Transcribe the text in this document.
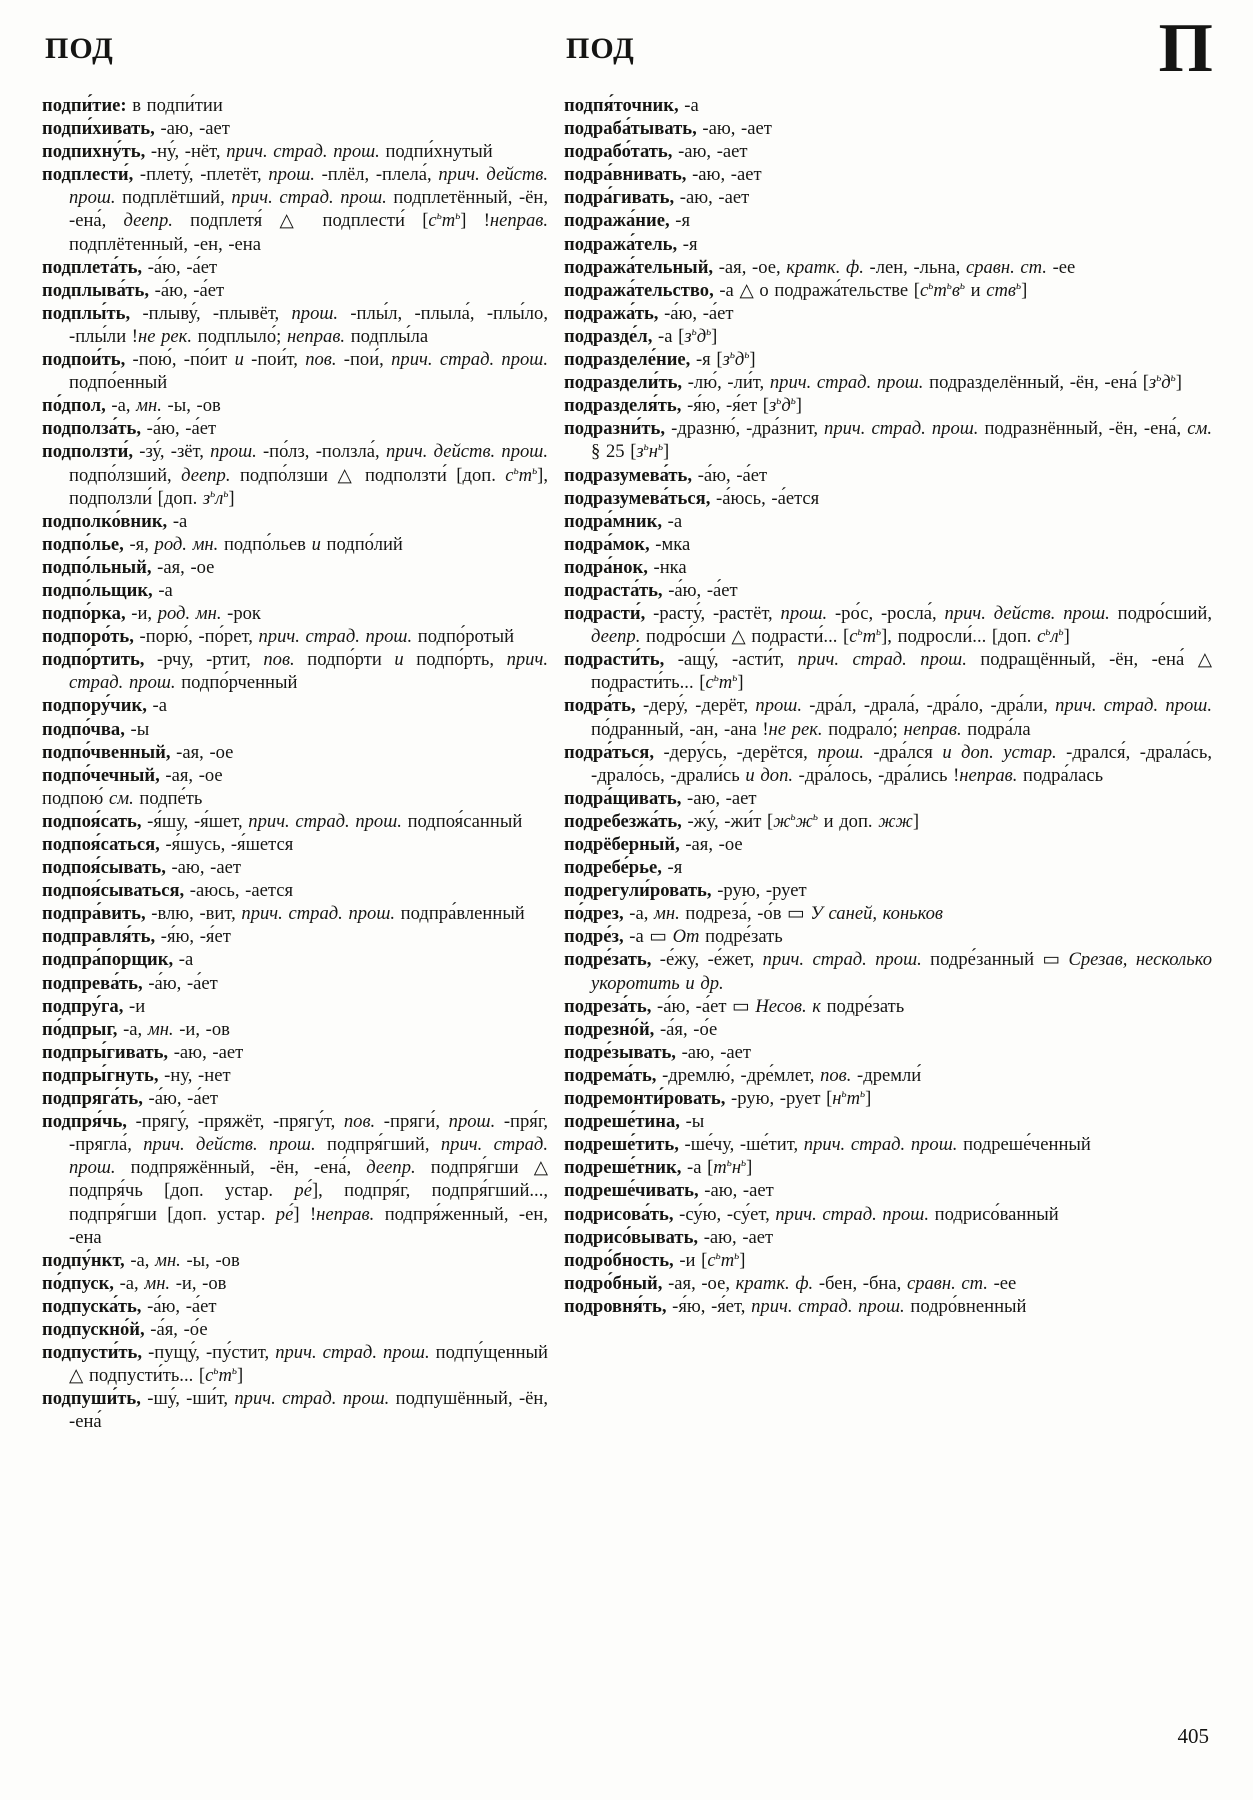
ПОД	ПОД	П

подпи́тие: в подпи́тии

подпи́хивать, -аю, -ает

подпихну́ть, -ну́, -нёт, прич. страд. прош. подпи́хнутый

подплести́, -плету́, -плетёт, прош. -плёл, -плела́, прич. действ. прош. подплётший, прич. страд. прош. подплетённый, -ён, -ена́, деепр. подплетя́ △ подплести́ $[с^ьт^ь]$ !неправ. подплётенный, -ен, -ена

подплета́ть, -а́ю, -а́ет

подплыва́ть, -а́ю, -а́ет

подплы́ть, -плыву́, -плывёт, прош. -плы́л, -плыла́, -плы́ло, -плы́ли !не рек. подплыло́; неправ. подплы́ла

подпои́ть, -пою́, -по́ит и -пои́т, пов. -пои́, прич. страд. прош. подпо́енный

по́дпол, -а, мн. -ы, -ов

подполза́ть, -а́ю, -а́ет

подползти́, -зу́, -зёт, прош. -по́лз, -ползла́, прич. действ. прош. подпо́лзший, деепр. подпо́лзши △ подползти́ [доп. $с^ьт^ь$], подползли́ [доп. $з^ьл^ь$]

подполко́вник, -а

подпо́лье, -я, род. мн. подпо́льев и подпо́лий

подпо́льный, -ая, -ое

подпо́льщик, -а

подпо́рка, -и, род. мн. -рок

подпоро́ть, -порю́, -по́рет, прич. страд. прош. подпо́ротый

подпо́ртить, -рчу, -ртит, пов. подпо́рти и подпо́рть, прич. страд. прош. подпо́рченный

подпору́чик, -а

подпо́чва, -ы

подпо́чвенный, -ая, -ое

подпо́чечный, -ая, -ое

подпою́ см. подпе́ть

подпоя́сать, -я́шу, -я́шет, прич. страд. прош. подпоя́санный

подпоя́саться, -я́шусь, -я́шется

подпоя́сывать, -аю, -ает

подпоя́сываться, -аюсь, -ается

подпра́вить, -влю, -вит, прич. страд. прош. подпра́вленный

подправля́ть, -я́ю, -я́ет

подпра́порщик, -а

подпрева́ть, -а́ю, -а́ет

подпру́га, -и

по́дпрыг, -а, мн. -и, -ов

подпры́гивать, -аю, -ает

подпры́гнуть, -ну, -нет

подпряга́ть, -а́ю, -а́ет

подпря́чь, -прягу́, -пряжёт, -прягу́т, пов. -пряги́, прош. -пря́г, -прягла́, прич. действ. прош. подпря́гший, прич. страд. прош. подпряжённый, -ён, -ена́, деепр. подпря́гши △ подпря́чь [доп. устар. ре́], подпря́г, подпря́гший..., подпря́гши [доп. устар. ре́] !неправ. подпря́женный, -ен, -ена

подпу́нкт, -а, мн. -ы, -ов

по́дпуск, -а, мн. -и, -ов

подпуска́ть, -а́ю, -а́ет

подпускно́й, -а́я, -о́е

подпусти́ть, -пущу́, -пу́стит, прич. страд. прош. подпу́щенный △ подпусти́ть... $[с^ьт^ь]$

подпуши́ть, -шу́, -ши́т, прич. страд. прош. подпушённый, -ён, -ена́

подпя́точник, -а

подраба́тывать, -аю, -ает

подрабо́тать, -аю, -ает

подра́внивать, -аю, -ает

подра́гивать, -аю, -ает

подража́ние, -я

подража́тель, -я

подража́тельный, -ая, -ое, кратк. ф. -лен, -льна, сравн. ст. -ее

подража́тельство, -а △ о подража́тельстве [$с^ьт^ьв^ь$ и ств$^ь$]

подража́ть, -а́ю, -а́ет

подразде́л, -а $[з^ьд^ь]$

подразделе́ние, -я $[з^ьд^ь]$

подраздели́ть, -лю́, -ли́т, прич. страд. прош. подразделённый, -ён, -ена́ $[з^ьд^ь]$

подразделя́ть, -я́ю, -я́ет $[з^ьд^ь]$

подразни́ть, -дразню́, -дра́знит, прич. страд. прош. подразнённый, -ён, -ена́, см. § 25 $[з^ьн^ь]$

подразумева́ть, -а́ю, -а́ет

подразумева́ться, -а́юсь, -а́ется

подра́мник, -а

подра́мок, -мка

подра́нок, -нка

подраста́ть, -а́ю, -а́ет

подрасти́, -расту́, -растёт, прош. -ро́с, -росла́, прич. действ. прош. подро́сший, деепр. подро́сши △ подрасти́... $[с^ьт^ь]$, подросли́... [доп. $с^ьл^ь$]

подрасти́ть, -ащу́, -асти́т, прич. страд. прош. подращённый, -ён, -ена́ △ подрасти́ть... $[с^ьт^ь]$

подра́ть, -деру́, -дерёт, прош. -дра́л, -драла́, -дра́ло, -дра́ли, прич. страд. прош. по́дранный, -ан, -ана !не рек. подрало́; неправ. подра́ла

подра́ться, -деру́сь, -дерётся, прош. -дра́лся и доп. устар. -дрался́, -драла́сь, -драло́сь, -драли́сь и доп. -дра́лось, -дра́лись !неправ. подра́лась

подра́щивать, -аю, -ает

подребезжа́ть, -жу́, -жи́т [$ж^ьж^ь$ и доп. жж]

подрёберный, -ая, -ое

подребе́рье, -я

подрегули́ровать, -рую, -рует

по́дрез, -а, мн. подреза́, -о́в ▭ У саней, коньков

подре́з, -а ▭ От подре́зать

подре́зать, -е́жу, -е́жет, прич. страд. прош. подре́занный ▭ Срезав, несколько укоротить и др.

подреза́ть, -а́ю, -а́ет ▭ Несов. к подре́зать

подрезно́й, -а́я, -о́е

подре́зывать, -аю, -ает

подрема́ть, -дремлю́, -дре́млет, пов. -дремли́

подремонти́ровать, -рую, -рует $[н^ьт^ь]$

подреше́тина, -ы

подреше́тить, -ше́чу, -ше́тит, прич. страд. прош. подреше́ченный

подреше́тник, -а $[т^ьн^ь]$

подреше́чивать, -аю, -ает

подрисова́ть, -су́ю, -су́ет, прич. страд. прош. подрисо́ванный

подрисо́вывать, -аю, -ает

подро́бность, -и $[с^ьт^ь]$

подро́бный, -ая, -ое, кратк. ф. -бен, -бна, сравн. ст. -ее

подровня́ть, -я́ю, -я́ет, прич. страд. прош. подро́вненный

405
